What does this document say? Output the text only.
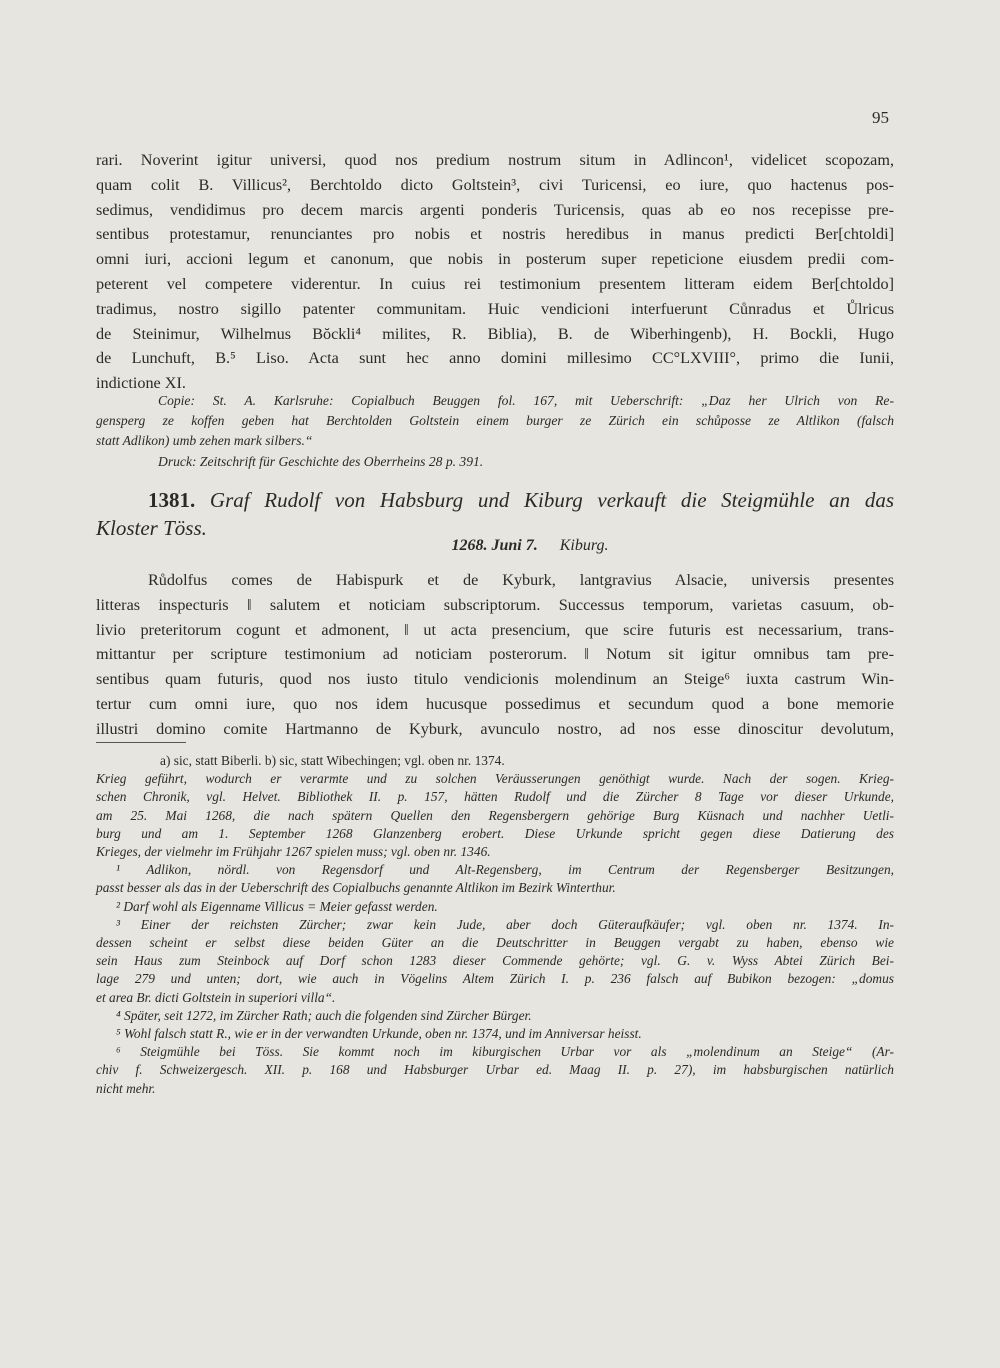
95
rari. Noverint igitur universi, quod nos predium nostrum situm in Adlincon¹, videlicet scopozam,
quam colit B. Villicus², Berchtoldo dicto Goltstein³, civi Turicensi, eo iure, quo hactenus pos-
sedimus, vendidimus pro decem marcis argenti ponderis Turicensis, quas ab eo nos recepisse pre-
sentibus protestamur, renunciantes pro nobis et nostris heredibus in manus predicti Ber[chtoldi]
omni iuri, accioni legum et canonum, que nobis in posterum super repeticione eiusdem predii com-
peterent vel competere viderentur. In cuius rei testimonium presentem litteram eidem Ber[chtoldo]
tradimus, nostro sigillo patenter communitam. Huic vendicioni interfuerunt Cůnradus et Ůlricus
de Steinimur, Wilhelmus Bŏckli⁴ milites, R. Biblia), B. de Wiberhingenb), H. Bockli, Hugo
de Lunchuft, B.⁵ Liso. Acta sunt hec anno domini millesimo CC°LXVIII°, primo die Iunii,
indictione XI.
Copie: St. A. Karlsruhe: Copialbuch Beuggen fol. 167, mit Ueberschrift: „Daz her Ulrich von Re-
gensperg ze koffen geben hat Berchtolden Goltstein einem burger ze Zürich ein schůposse ze Altlikon (falsch
statt Adlikon) umb zehen mark silbers.“
Druck: Zeitschrift für Geschichte des Oberrheins 28 p. 391.
1381. Graf Rudolf von Habsburg und Kiburg verkauft die Steigmühle an das
Kloster Töss.
1268. Juni 7. Kiburg.
Růdolfus comes de Habispurk et de Kyburk, lantgravius Alsacie, universis presentes
litteras inspecturis ‖ salutem et noticiam subscriptorum. Successus temporum, varietas casuum, ob-
livio preteritorum cogunt et admonent, ‖ ut acta presencium, que scire futuris est necessarium, trans-
mittantur per scripture testimonium ad noticiam posterorum. ‖ Notum sit igitur omnibus tam pre-
sentibus quam futuris, quod nos iusto titulo vendicionis molendinum an Steige⁶ iuxta castrum Win-
tertur cum omni iure, quo nos idem hucusque possedimus et secundum quod a bone memorie
illustri domino comite Hartmanno de Kyburk, avunculo nostro, ad nos esse dinoscitur devolutum,
a) sic, statt Biberli. b) sic, statt Wibechingen; vgl. oben nr. 1374.
Krieg geführt, wodurch er verarmte und zu solchen Veräusserungen genöthigt wurde. Nach der sogen. Krieg-
schen Chronik, vgl. Helvet. Bibliothek II. p. 157, hätten Rudolf und die Zürcher 8 Tage vor dieser Urkunde,
am 25. Mai 1268, die nach spätern Quellen den Regensbergern gehörige Burg Küsnach und nachher Uetli-
burg und am 1. September 1268 Glanzenberg erobert. Diese Urkunde spricht gegen diese Datierung des
Krieges, der vielmehr im Frühjahr 1267 spielen muss; vgl. oben nr. 1346.
¹ Adlikon, nördl. von Regensdorf und Alt-Regensberg, im Centrum der Regensberger Besitzungen,
passt besser als das in der Ueberschrift des Copialbuchs genannte Altlikon im Bezirk Winterthur.
² Darf wohl als Eigenname Villicus = Meier gefasst werden.
³ Einer der reichsten Zürcher; zwar kein Jude, aber doch Güteraufkäufer; vgl. oben nr. 1374. In-
dessen scheint er selbst diese beiden Güter an die Deutschritter in Beuggen vergabt zu haben, ebenso wie
sein Haus zum Steinbock auf Dorf schon 1283 dieser Commende gehörte; vgl. G. v. Wyss Abtei Zürich Bei-
lage 279 und unten; dort, wie auch in Vögelins Altem Zürich I. p. 236 falsch auf Bubikon bezogen: „domus
et area Br. dicti Goltstein in superiori villa“.
⁴ Später, seit 1272, im Zürcher Rath; auch die folgenden sind Zürcher Bürger.
⁵ Wohl falsch statt R., wie er in der verwandten Urkunde, oben nr. 1374, und im Anniversar heisst.
⁶ Steigmühle bei Töss. Sie kommt noch im kiburgischen Urbar vor als „molendinum an Steige“ (Ar-
chiv f. Schweizergesch. XII. p. 168 und Habsburger Urbar ed. Maag II. p. 27), im habsburgischen natürlich
nicht mehr.
